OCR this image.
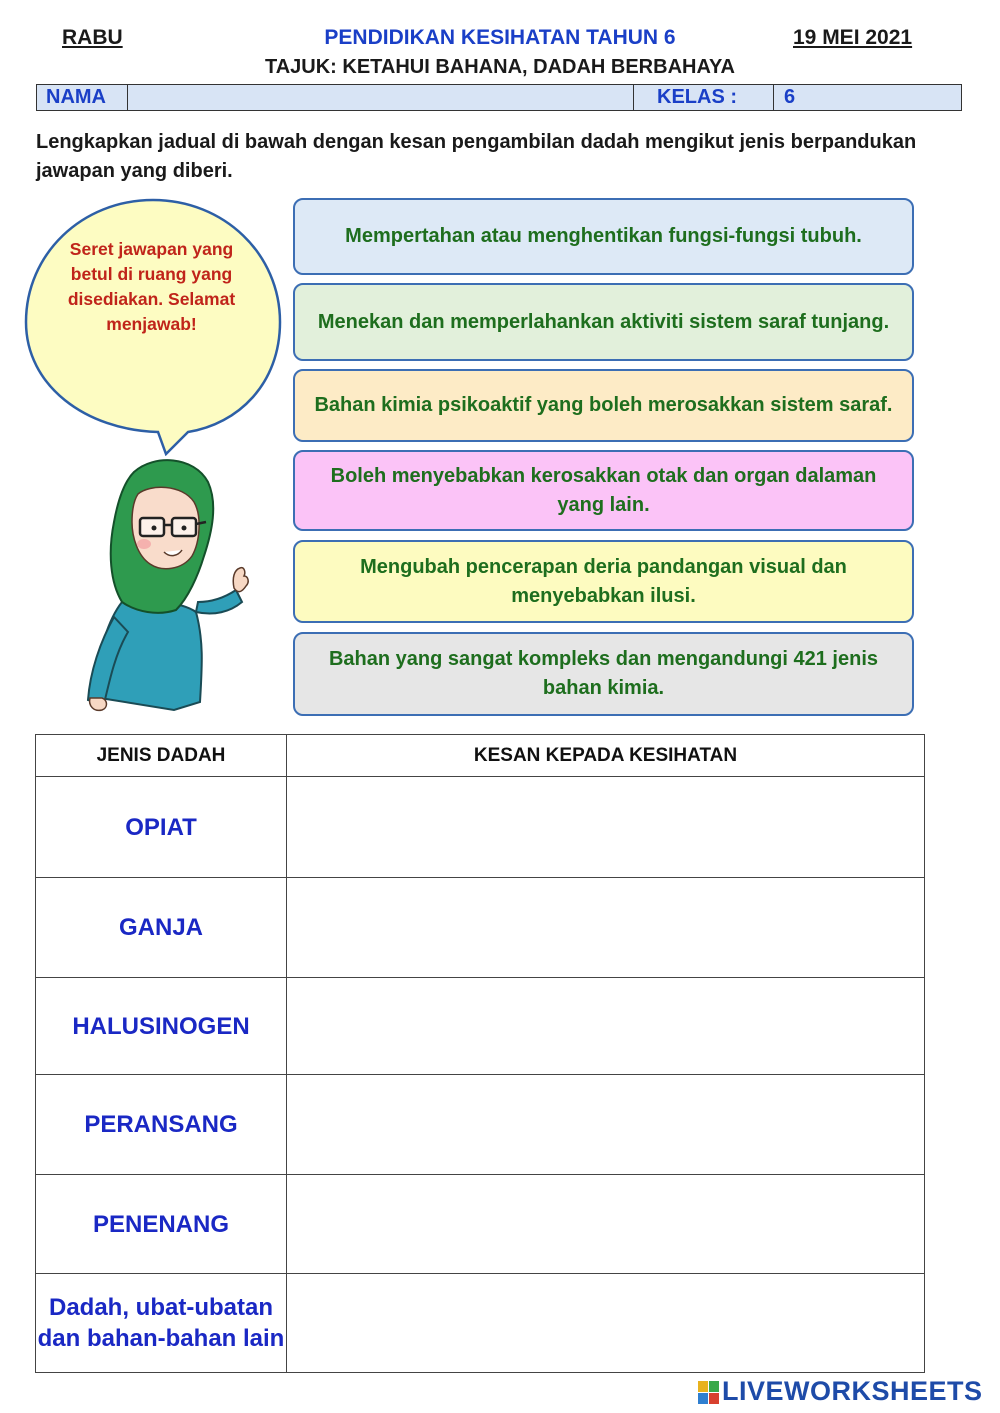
RABU	PENDIDIKAN KESIHATAN TAHUN 6	19 MEI 2021
TAJUK: KETAHUI BAHANA, DADAH BERBAHAYA
NAMA	KELAS :	6
Lengkapkan jadual di bawah dengan kesan pengambilan dadah mengikut jenis berpandukan jawapan yang diberi.
Seret jawapan yang betul di ruang yang disediakan. Selamat menjawab!
Mempertahan atau menghentikan fungsi-fungsi tubuh.
Menekan dan memperlahankan aktiviti sistem saraf tunjang.
Bahan kimia psikoaktif yang boleh merosakkan sistem saraf.
Boleh menyebabkan kerosakkan otak dan organ dalaman yang lain.
Mengubah pencerapan deria pandangan visual dan menyebabkan ilusi.
Bahan yang sangat kompleks dan mengandungi 421 jenis bahan kimia.
JENIS DADAH	KESAN KEPADA KESIHATAN
OPIAT	
GANJA	
HALUSINOGEN	
PERANSANG	
PENENANG	
Dadah, ubat-ubatan dan bahan-bahan lain	
LIVEWORKSHEETS
